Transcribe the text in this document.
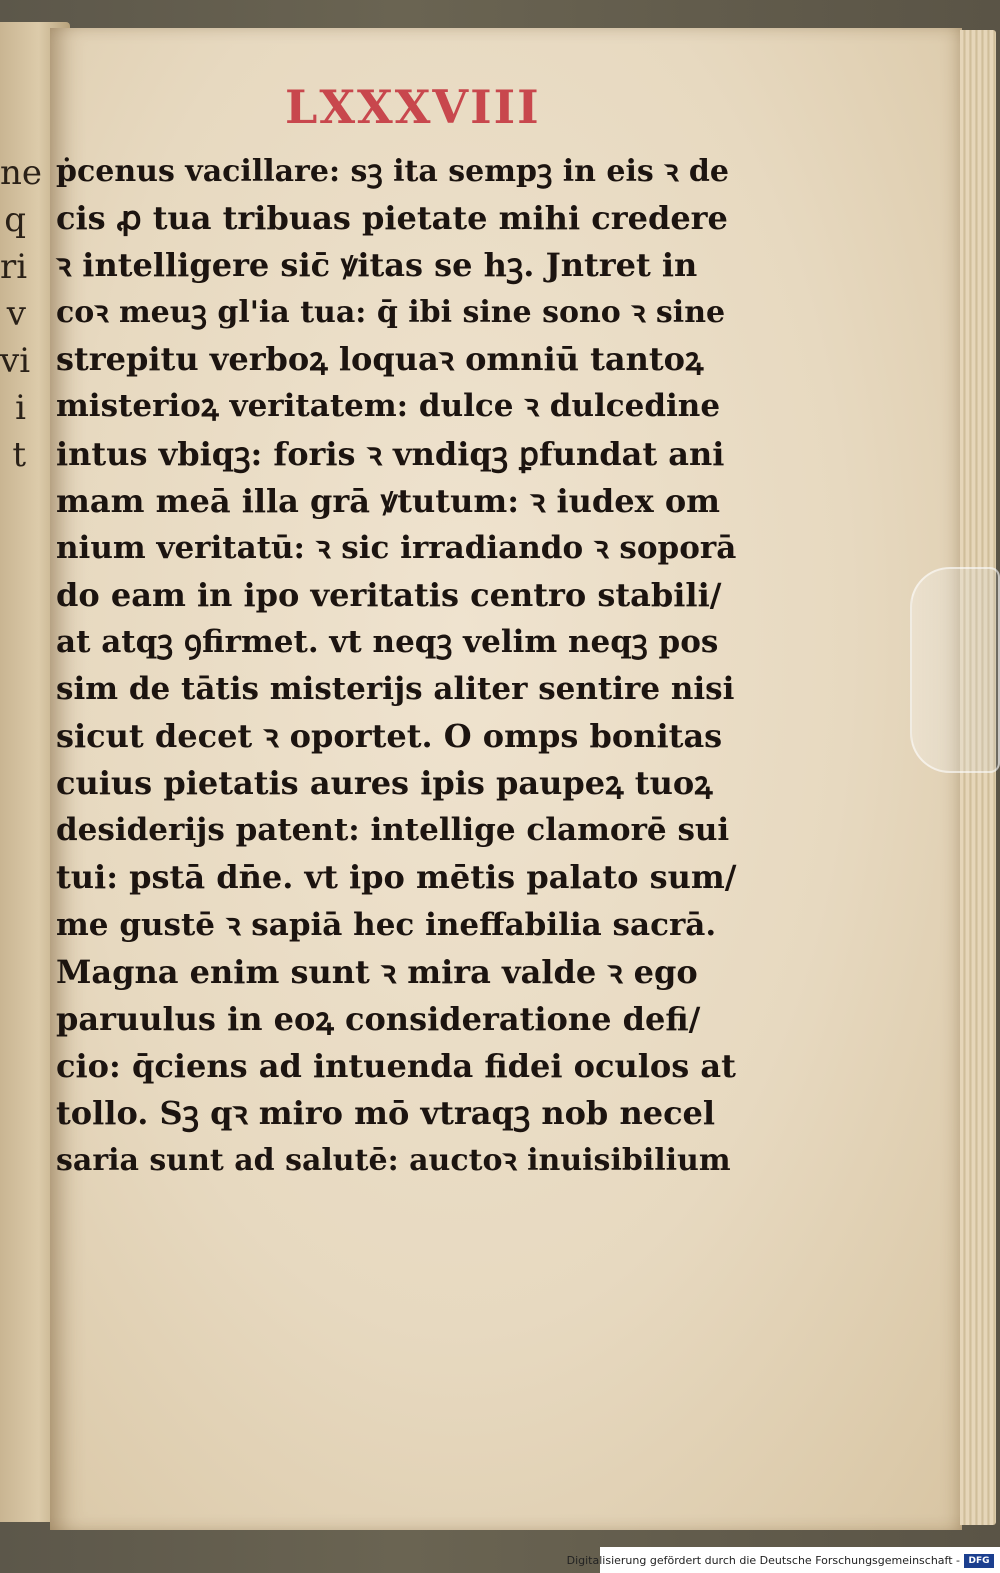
ne
q
ri
v
vi
i
t
LXXXVIII
ṗcenus vacillare: sꝫ ita sempꝫ in eis ꝛ de
cis ꝓ tua tribuas pietate mihi credere
ꝛ intelligere sic̄ ꝟitas se hꝫ. Jntret in
coꝛ meuꝫ gl'ia tua: q̄ ibi sine sono ꝛ sine
strepitu verboꝝ loquaꝛ omniū tantoꝝ
misterioꝝ veritatem: dulce ꝛ dulcedine
intus vbiqꝫ: foris ꝛ vndiqꝫ ꝑfundat ani
mam meā illa grā ꝟtutum: ꝛ iudex om
nium veritatū: ꝛ sic irradiando ꝛ soporā
do eam in ipo veritatis centro stabili/
at atqꝫ ꝯfirmet. vt neqꝫ velim neqꝫ pos
sim de tātis misterijs aliter sentire nisi
sicut decet ꝛ oportet. O omps bonitas
cuius pietatis aures ipis paupeꝝ tuoꝝ
desiderijs patent: intellige clamorē sui
tui: pstā dn̄e. vt ipo mētis palato sum/
me gustē ꝛ sapiā hec ineffabilia sacrā.
Magna enim sunt ꝛ mira valde ꝛ ego
paruulus in eoꝝ consideratione defi/
cio: q̄ciens ad intuenda fidei oculos at
tollo. Sꝫ qꝛ miro mō vtraqꝫ nob necel
saria sunt ad salutē: auctoꝛ inuisibilium
Digitalisierung gefördert durch die Deutsche Forschungsgemeinschaft - DFG
